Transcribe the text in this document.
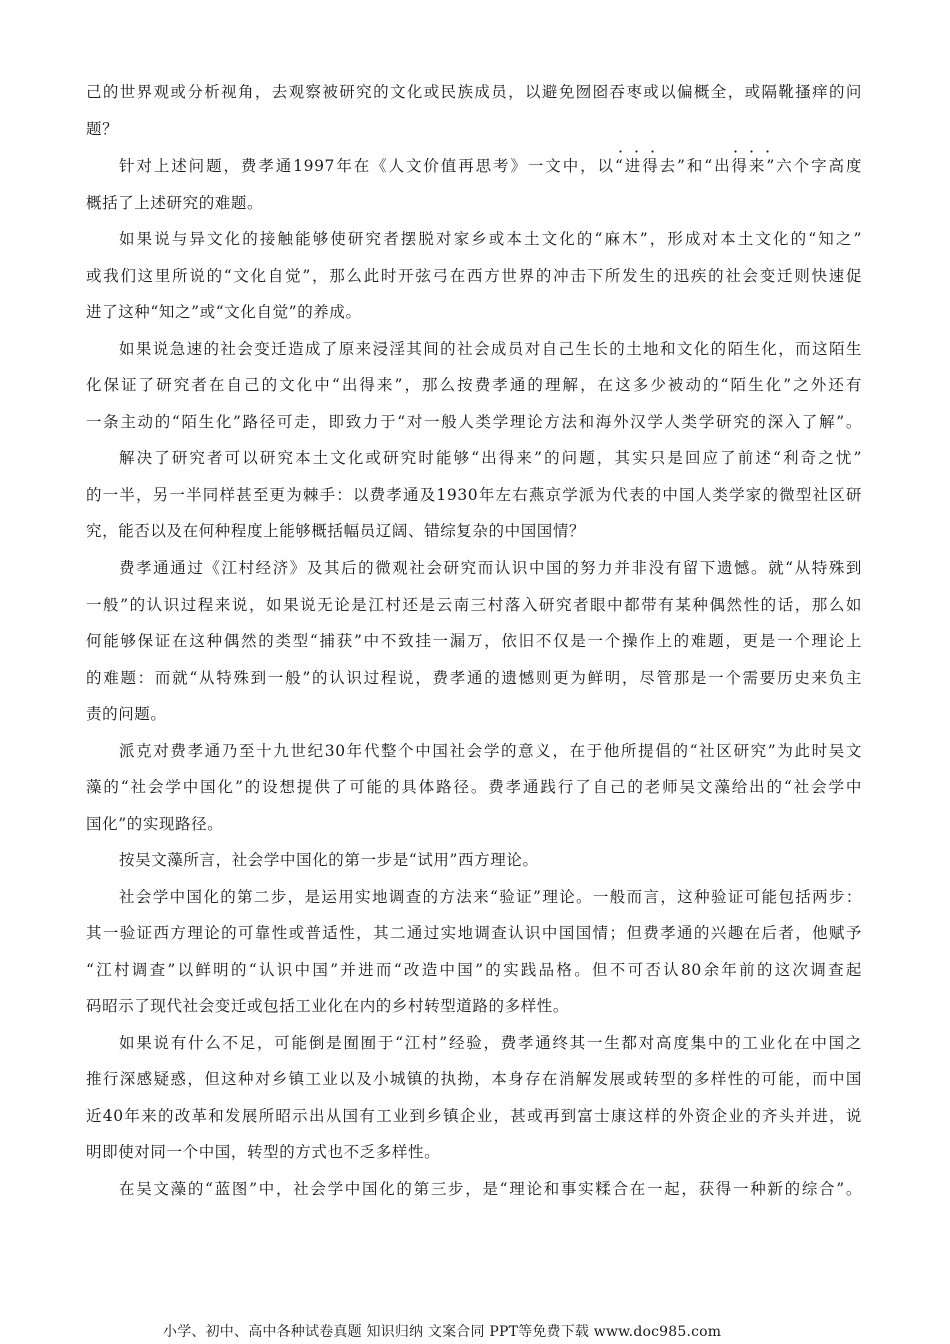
己的世界观或分析视角，去观察被研究的文化或民族成员，以避免囫囵吞枣或以偏概全，或隔靴搔痒的问
题？
· · ·	· · ·
针对上述问题，费孝通1997年在《人文价值再思考》一文中，以“进得去”和“出得来”六个字高度
概括了上述研究的难题。
如果说与异文化的接触能够使研究者摆脱对家乡或本土文化的“麻木”，形成对本土文化的“知之”
或我们这里所说的“文化自觉”，那么此时开弦弓在西方世界的冲击下所发生的迅疾的社会变迁则快速促
进了这种“知之”或“文化自觉”的养成。
如果说急速的社会变迁造成了原来浸淫其间的社会成员对自己生长的土地和文化的陌生化，而这陌生
化保证了研究者在自己的文化中“出得来”，那么按费孝通的理解，在这多少被动的“陌生化”之外还有
一条主动的“陌生化”路径可走，即致力于“对一般人类学理论方法和海外汉学人类学研究的深入了解”。
解决了研究者可以研究本土文化或研究时能够“出得来”的问题，其实只是回应了前述“利奇之忧”
的一半，另一半同样甚至更为棘手：以费孝通及1930年左右燕京学派为代表的中国人类学家的微型社区研
究，能否以及在何种程度上能够概括幅员辽阔、错综复杂的中国国情？
费孝通通过《江村经济》及其后的微观社会研究而认识中国的努力并非没有留下遗憾。就“从特殊到
一般”的认识过程来说，如果说无论是江村还是云南三村落入研究者眼中都带有某种偶然性的话，那么如
何能够保证在这种偶然的类型“捕获”中不致挂一漏万，依旧不仅是一个操作上的难题，更是一个理论上
的难题：而就“从特殊到一般”的认识过程说，费孝通的遗憾则更为鲜明，尽管那是一个需要历史来负主
责的问题。
派克对费孝通乃至十九世纪30年代整个中国社会学的意义，在于他所提倡的“社区研究”为此时吴文
藻的“社会学中国化”的设想提供了可能的具体路径。费孝通践行了自己的老师吴文藻给出的“社会学中
国化”的实现路径。
按吴文藻所言，社会学中国化的第一步是“试用”西方理论。
社会学中国化的第二步，是运用实地调查的方法来“验证”理论。一般而言，这种验证可能包括两步：
其一验证西方理论的可靠性或普适性，其二通过实地调查认识中国国情；但费孝通的兴趣在后者，他赋予
“江村调查”以鲜明的“认识中国”并进而“改造中国”的实践品格。但不可否认80余年前的这次调查起
码昭示了现代社会变迁或包括工业化在内的乡村转型道路的多样性。
如果说有什么不足，可能倒是囿囿于“江村”经验，费孝通终其一生都对高度集中的工业化在中国之
推行深感疑惑，但这种对乡镇工业以及小城镇的执拗，本身存在消解发展或转型的多样性的可能，而中国
近40年来的改革和发展所昭示出从国有工业到乡镇企业，甚或再到富士康这样的外资企业的齐头并进，说
明即使对同一个中国，转型的方式也不乏多样性。
在吴文藻的“蓝图”中，社会学中国化的第三步，是“理论和事实糅合在一起，获得一种新的综合”。
小学、初中、高中各种试卷真题 知识归纳 文案合同 PPT等免费下载 www.doc985.com
